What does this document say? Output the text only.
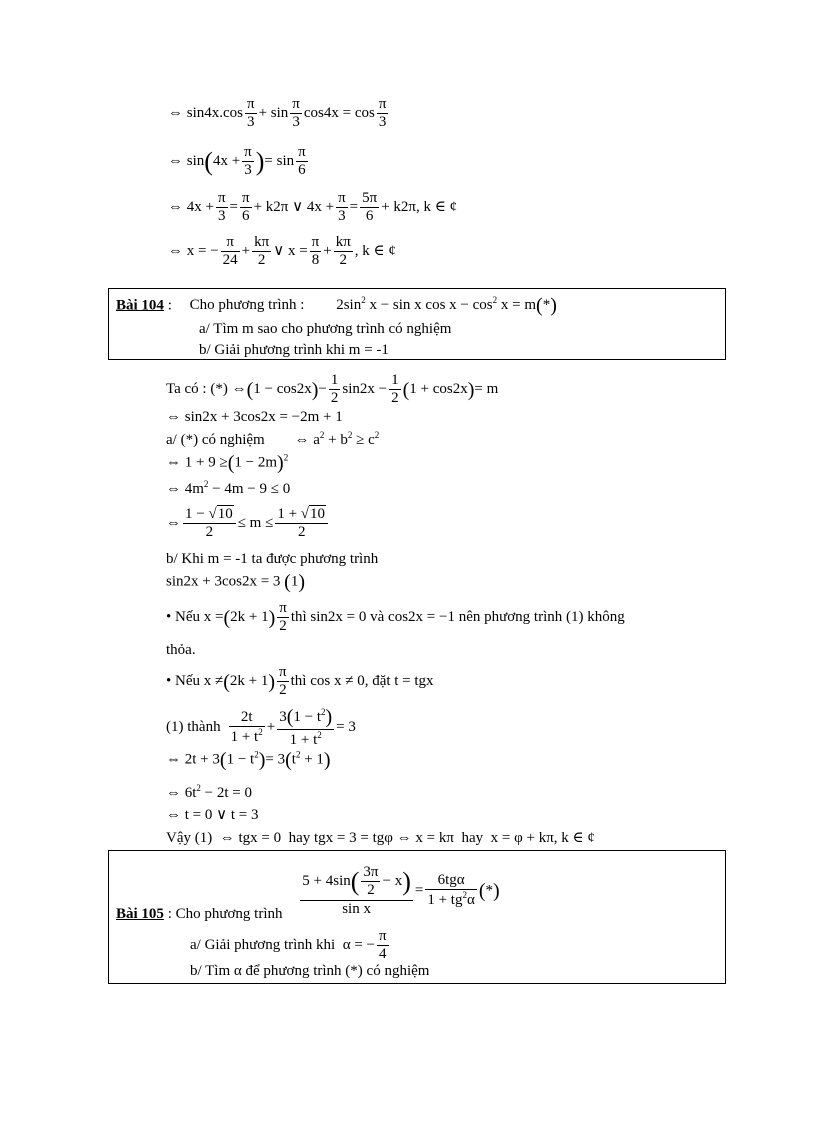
⇔ $\sin 4x.\cos \frac{\pi}{3} + \sin \frac{\pi}{3} \cos 4x = \cos \frac{\pi}{3}$
⇔ $\sin(4x + \frac{\pi}{3}$ )= $\sin \frac{\pi}{6}$
⇔ $4x + \frac{\pi}{3} = \frac{\pi}{6} + k2\pi$ ∨ $4x + \frac{\pi}{3} = \frac{5\pi}{6} + k2\pi$, k ∈ ¢
⇔ x = − $\frac{\pi}{24} + \frac{k\pi}{2}$ ∨ $x = \frac{\pi}{8} + \frac{k\pi}{2}$ , k ∈ ¢
Bài 104 : Cho phương trình : $2\sin^2$ x − sin x $\cos x - \cos^2 x = m(*)$
a/ Tìm m sao cho phương trình có nghiệm
b/ Giải phương trình khi m = -1
Ta có : (*) ⇔(1 − $\cos 2x)- \frac{1}{2} \sin 2x - \frac{1}{2} (1 + \cos 2x)= m$
⇔ sin2x + 3cos2x = −2m + 1
a/ (*) có nghiệm ⇔ $a^2 + b^2 \ge c^2$
⇔ $1 + 9 \ge(1 - 2m)^2$
⇔ $4m^2 - 4m - 9 \le 0$
⇔ $\frac{1 - √10}{2} \le m \le \frac{1 + √10}{2}$
b/ Khi m = -1 ta được phương trình
sin2x + 3cos2x = 3 (1)
• Nếu $x =(2k + 1) \frac{\pi}{2}$ thì sin2x = 0 và cos2x = −1 nên phương trình (1) không
thỏa.
• Nếu $x \ne(2k + 1) \frac{\pi}{2}$ thì cos x ≠ 0, đặt t = tgx
(1) thành $\frac{2t}{1 + t^2} + \frac{3(1 - t^2)}{1 + t^2} = 3$
⇔ $2t + 3(1 - t^2)= 3(t^2 + 1)$
⇔ $6t^2 - 2t = 0$
⇔ t = 0 ∨ t = 3
Vậy (1)  ⇔ tgx = 0  hay tgx = 3 = tgφ ⇔ x = kπ  hay  x = φ + kπ, k ∈ ¢
Bài 105 : Cho phương trình $\frac{5 + 4\sin( \frac{3\pi}{2} - x)}{\text{sin x}} = \frac{\text{6tgα}}{1 + tg^2\alpha}$ (*)
a/ Giải phương trình khi  α = − $\frac{\pi}{4}$
b/ Tìm α để phương trình (*) có nghiệm
